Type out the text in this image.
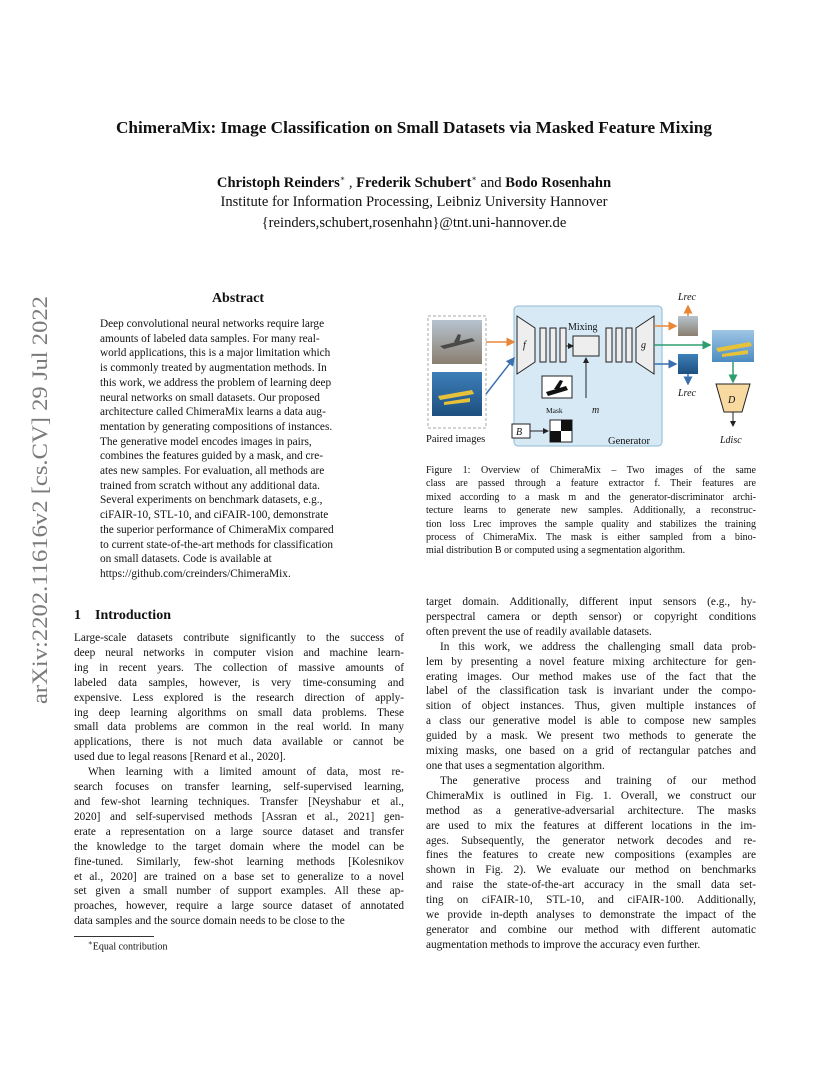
arXiv:2202.11616v2 [cs.CV] 29 Jul 2022
ChimeraMix: Image Classification on Small Datasets via Masked Feature Mixing
Christoph Reinders∗ , Frederik Schubert∗ and Bodo Rosenhahn
Institute for Information Processing, Leibniz University Hannover
{reinders,schubert,rosenhahn}@tnt.uni-hannover.de
Abstract
Deep convolutional neural networks require large
amounts of labeled data samples. For many real-
world applications, this is a major limitation which
is commonly treated by augmentation methods. In
this work, we address the problem of learning deep
neural networks on small datasets. Our proposed
architecture called ChimeraMix learns a data aug-
mentation by generating compositions of instances.
The generative model encodes images in pairs,
combines the features guided by a mask, and cre-
ates new samples. For evaluation, all methods are
trained from scratch without any additional data.
Several experiments on benchmark datasets, e.g.,
ciFAIR-10, STL-10, and ciFAIR-100, demonstrate
the superior performance of ChimeraMix compared
to current state-of-the-art methods for classification
on small datasets. Code is available at
https://github.com/creinders/ChimeraMix.
Paired images	Generator
f
Mixing
g
Mask	m
B
Lrec
Lrec
D
Ldisc
Figure 1: Overview of ChimeraMix – Two images of the same
class are passed through a feature extractor f. Their features are
mixed according to a mask m and the generator-discriminator archi-
tecture learns to generate new samples. Additionally, a reconstruc-
tion loss Lrec improves the sample quality and stabilizes the training
process of ChimeraMix. The mask is either sampled from a bino-
mial distribution B or computed using a segmentation algorithm.
1 Introduction
Large-scale datasets contribute significantly to the success of
deep neural networks in computer vision and machine learn-
ing in recent years. The collection of massive amounts of
labeled data samples, however, is very time-consuming and
expensive. Less explored is the research direction of apply-
ing deep learning algorithms on small data problems. These
small data problems are common in the real world. In many
applications, there is not much data available or cannot be
used due to legal reasons [Renard et al., 2020].
When learning with a limited amount of data, most re-
search focuses on transfer learning, self-supervised learning,
and few-shot learning techniques. Transfer [Neyshabur et al.,
2020] and self-supervised methods [Assran et al., 2021] gen-
erate a representation on a large source dataset and transfer
the knowledge to the target domain where the model can be
fine-tuned. Similarly, few-shot learning methods [Kolesnikov
et al., 2020] are trained on a base set to generalize to a novel
set given a small number of support examples. All these ap-
proaches, however, require a large source dataset of annotated
data samples and the source domain needs to be close to the
target domain. Additionally, different input sensors (e.g., hy-
perspectral camera or depth sensor) or copyright conditions
often prevent the use of readily available datasets.
In this work, we address the challenging small data prob-
lem by presenting a novel feature mixing architecture for gen-
erating images. Our method makes use of the fact that the
label of the classification task is invariant under the compo-
sition of object instances. Thus, given multiple instances of
a class our generative model is able to compose new samples
guided by a mask. We present two methods to generate the
mixing masks, one based on a grid of rectangular patches and
one that uses a segmentation algorithm.
The generative process and training of our method
ChimeraMix is outlined in Fig. 1. Overall, we construct our
method as a generative-adversarial architecture. The masks
are used to mix the features at different locations in the im-
ages. Subsequently, the generator network decodes and re-
fines the features to create new compositions (examples are
shown in Fig. 2). We evaluate our method on benchmarks
and raise the state-of-the-art accuracy in the small data set-
ting on ciFAIR-10, STL-10, and ciFAIR-100. Additionally,
we provide in-depth analyses to demonstrate the impact of the
generator and combine our method with different automatic
augmentation methods to improve the accuracy even further.
∗Equal contribution
